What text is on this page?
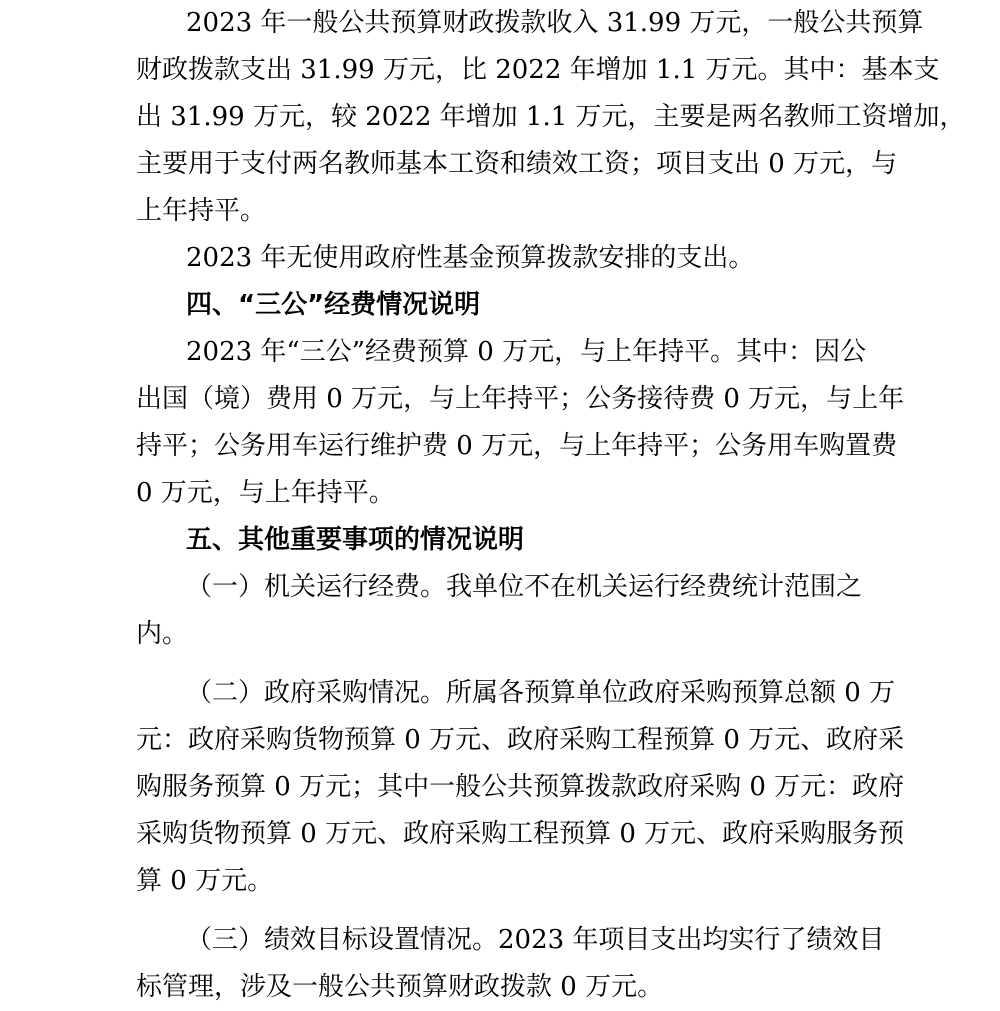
2023 年一般公共预算财政拨款收入 31.99 万元，一般公共预算
财政拨款支出 31.99 万元，比 2022 年增加 1.1 万元。其中：基本支
出 31.99 万元，较 2022 年增加 1.1 万元，主要是两名教师工资增加，
主要用于支付两名教师基本工资和绩效工资；项目支出 0 万元，与
上年持平。

2023 年无使用政府性基金预算拨款安排的支出。

四、“三公”经费情况说明

2023 年“三公”经费预算 0 万元，与上年持平。其中：因公
出国（境）费用 0 万元，与上年持平；公务接待费 0 万元，与上年
持平；公务用车运行维护费 0 万元，与上年持平；公务用车购置费
0 万元，与上年持平。

五、其他重要事项的情况说明

（一）机关运行经费。我单位不在机关运行经费统计范围之
内。

（二）政府采购情况。所属各预算单位政府采购预算总额 0 万
元：政府采购货物预算 0 万元、政府采购工程预算 0 万元、政府采
购服务预算 0 万元；其中一般公共预算拨款政府采购 0 万元：政府
采购货物预算 0 万元、政府采购工程预算 0 万元、政府采购服务预
算 0 万元。

（三）绩效目标设置情况。2023 年项目支出均实行了绩效目
标管理，涉及一般公共预算财政拨款 0 万元。
